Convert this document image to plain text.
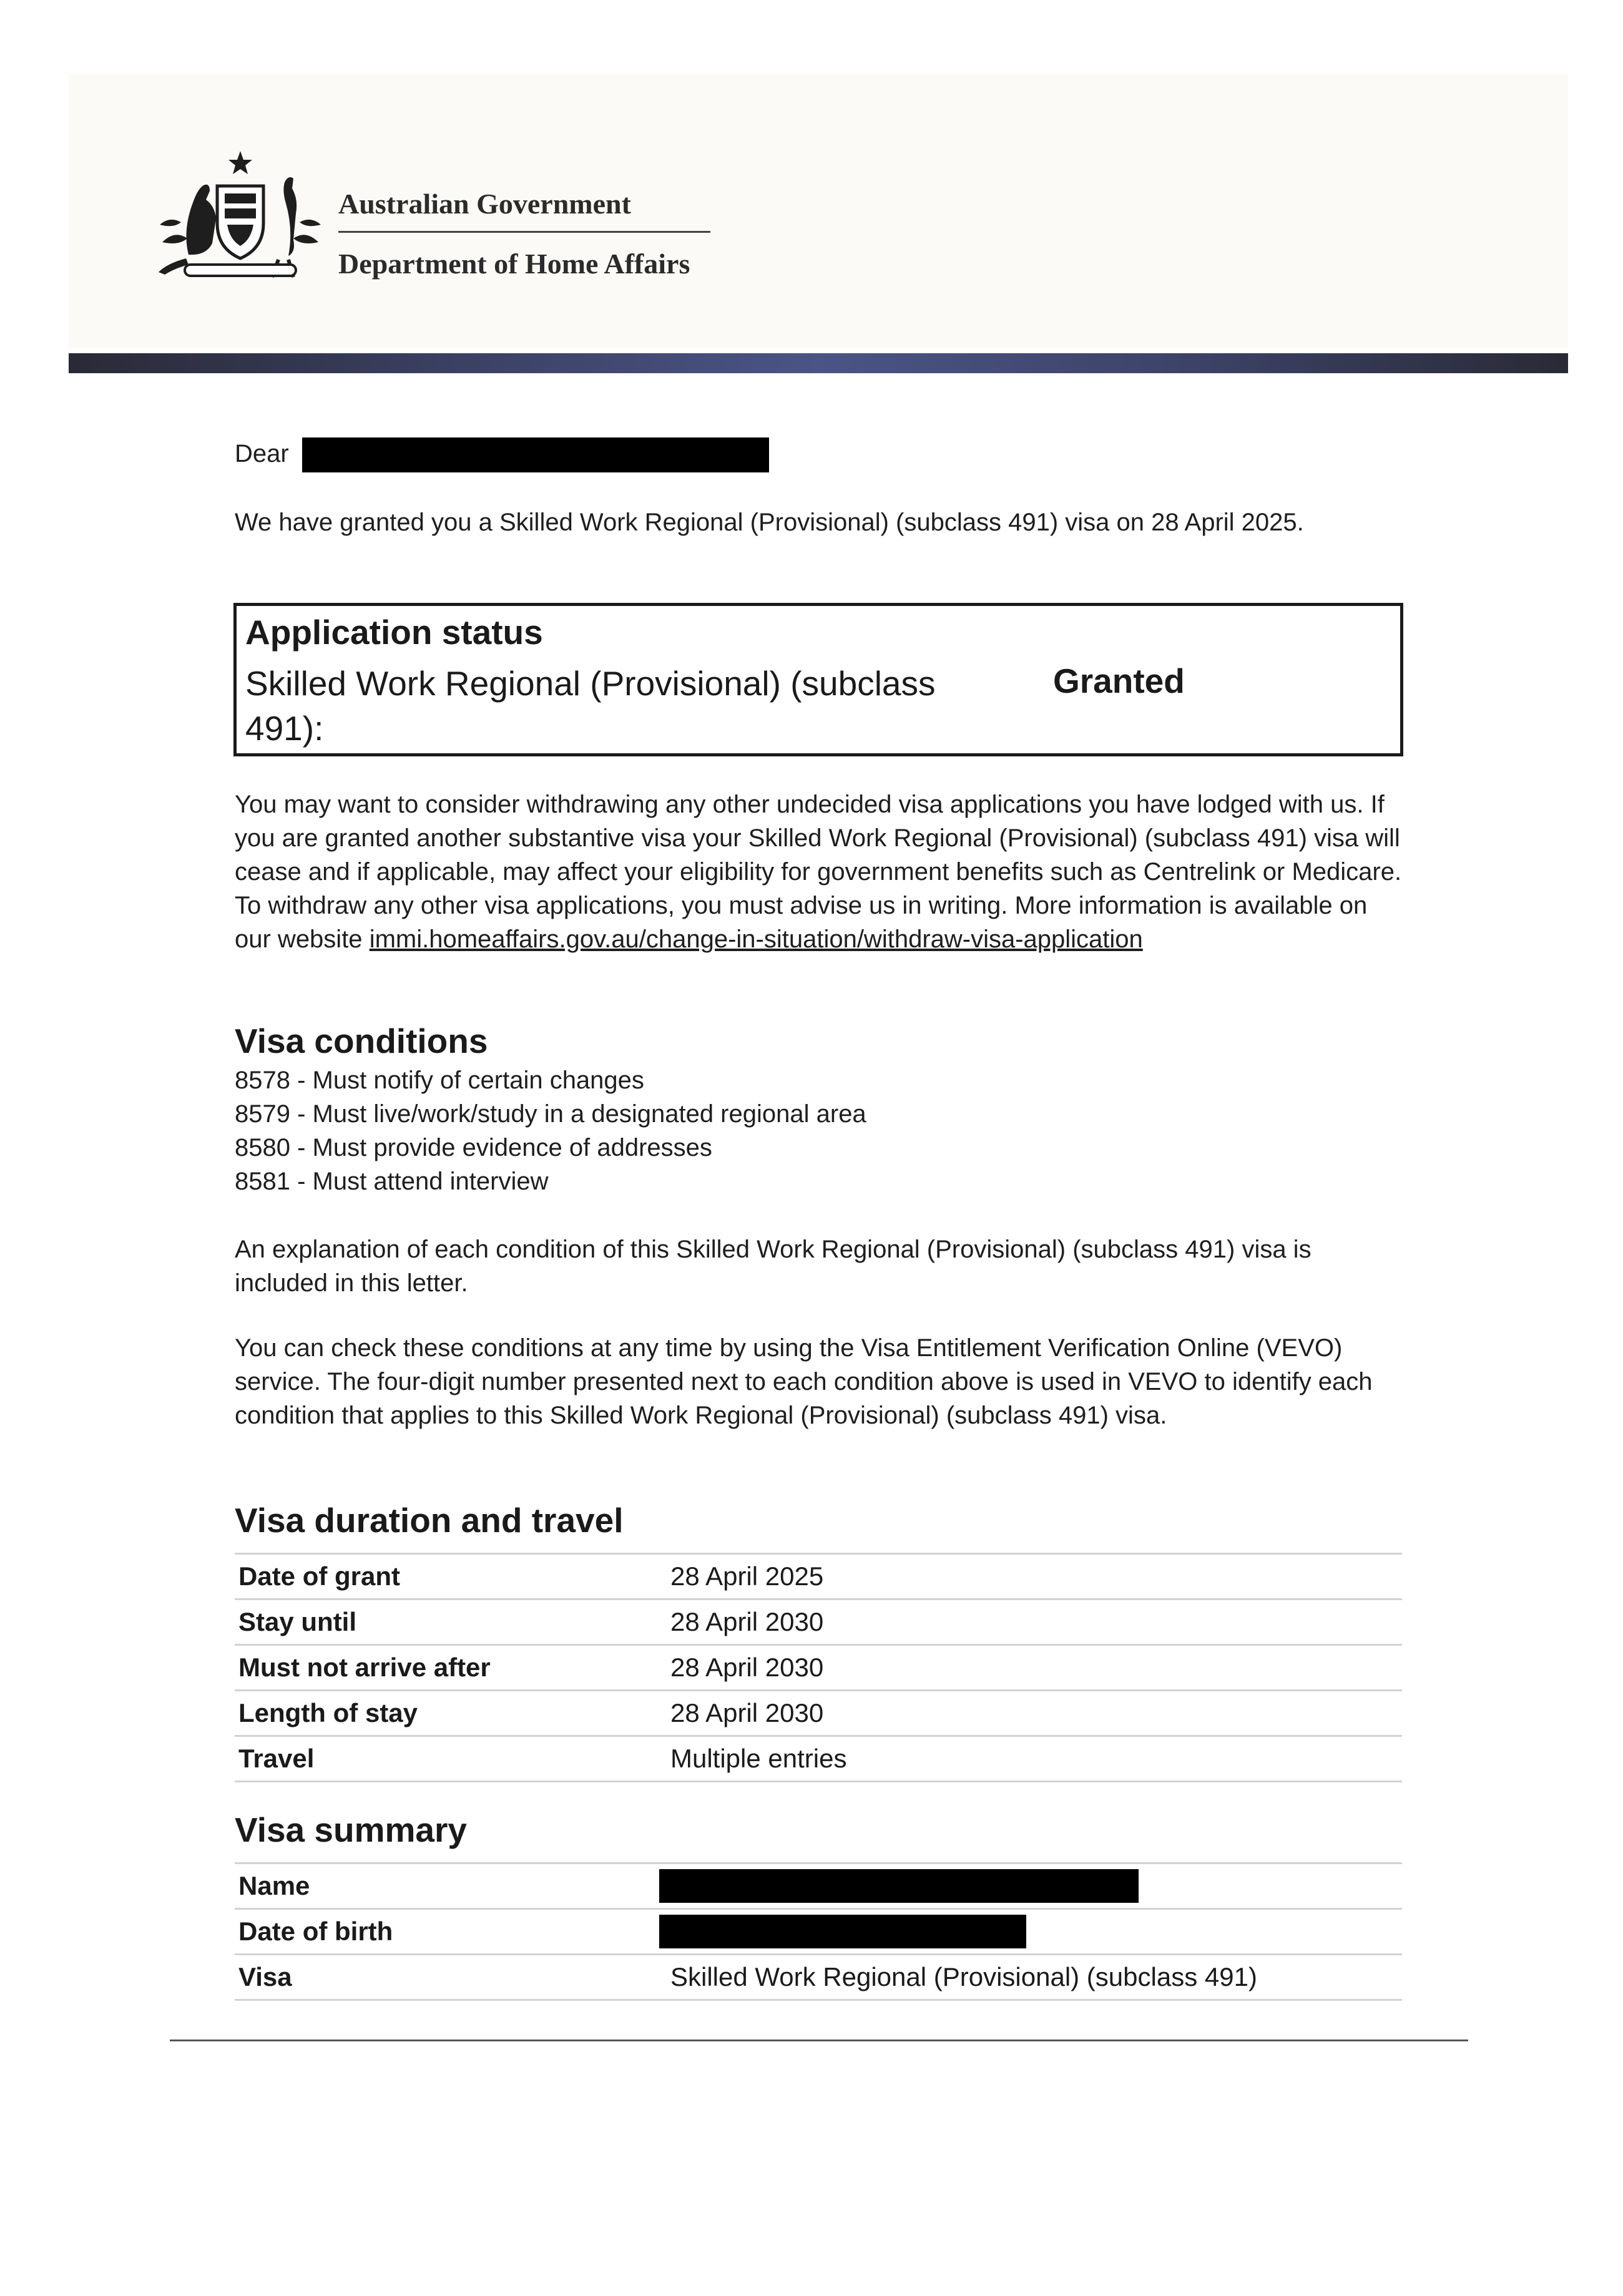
Australian Government
Department of Home Affairs
Dear
We have granted you a Skilled Work Regional (Provisional) (subclass 491) visa on 28 April 2025.
Application status
Skilled Work Regional (Provisional) (subclass 491):
Granted
You may want to consider withdrawing any other undecided visa applications you have lodged with us. If you are granted another substantive visa your Skilled Work Regional (Provisional) (subclass 491) visa will cease and if applicable, may affect your eligibility for government benefits such as Centrelink or Medicare. To withdraw any other visa applications, you must advise us in writing. More information is available on our website immi.homeaffairs.gov.au/change-in-situation/withdraw-visa-application
Visa conditions
8578 - Must notify of certain changes
8579 - Must live/work/study in a designated regional area
8580 - Must provide evidence of addresses
8581 - Must attend interview
An explanation of each condition of this Skilled Work Regional (Provisional) (subclass 491) visa is included in this letter.
You can check these conditions at any time by using the Visa Entitlement Verification Online (VEVO) service. The four-digit number presented next to each condition above is used in VEVO to identify each condition that applies to this Skilled Work Regional (Provisional) (subclass 491) visa.
Visa duration and travel
Date of grant	28 April 2025
Stay until	28 April 2030
Must not arrive after	28 April 2030
Length of stay	28 April 2030
Travel	Multiple entries
Visa summary
Name	
Date of birth	
Visa	Skilled Work Regional (Provisional) (subclass 491)
